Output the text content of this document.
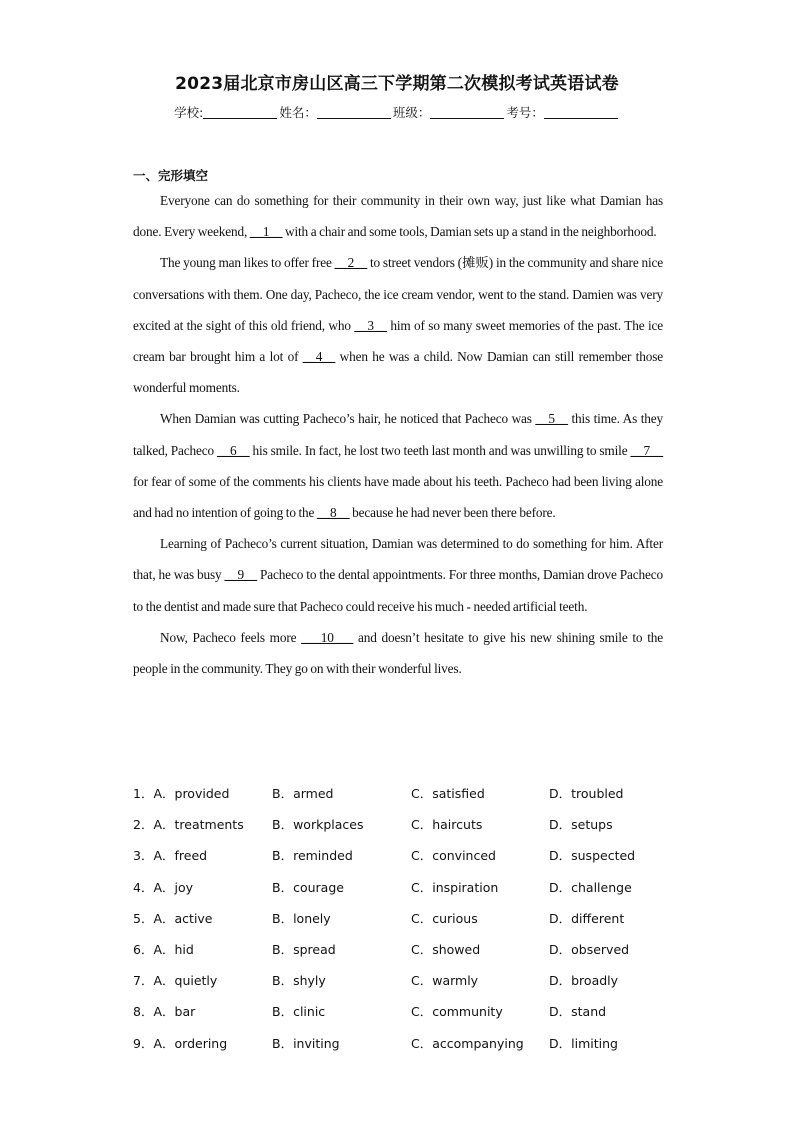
2023届北京市房山区高三下学期第二次模拟考试英语试卷
学校:	姓名：	班级：	考号：
一、完形填空

Everyone can do something for their community in their own way, just like what Damian has done. Every weekend, __1__ with a chair and some tools, Damian sets up a stand in the neighborhood.

The young man likes to offer free __2__ to street vendors (摊贩) in the community and share nice conversations with them. One day, Pacheco, the ice cream vendor, went to the stand. Damien was very excited at the sight of this old friend, who __3__ him of so many sweet memories of the past. The ice cream bar brought him a lot of __4__ when he was a child. Now Damian can still remember those wonderful moments.

When Damian was cutting Pacheco’s hair, he noticed that Pacheco was __5__ this time. As they talked, Pacheco __6__ his smile. In fact, he lost two teeth last month and was unwilling to smile __7__ for fear of some of the comments his clients have made about his teeth. Pacheco had been living alone and had no intention of going to the __8__ because he had never been there before.

Learning of Pacheco’s current situation, Damian was determined to do something for him. After that, he was busy __9__ Pacheco to the dental appointments. For three months, Damian drove Pacheco to the dentist and made sure that Pacheco could receive his much - needed artificial teeth.

Now, Pacheco feels more ___10___ and doesn’t hesitate to give his new shining smile to the people in the community. They go on with their wonderful lives.

1．A．provided	B．armed	C．satisfied	D．troubled
2．A．treatments B．workplaces	C．haircuts	D．setups
3．A．freed	B．reminded	C．convinced	D．suspected
4．A．joy	B．courage	C．inspiration	D．challenge
5．A．active	B．lonely	C．curious	D．different
6．A．hid	B．spread	C．showed	D．observed
7．A．quietly	B．shyly	C．warmly	D．broadly
8．A．bar	B．clinic	C．community	D．stand
9．A．ordering	B．inviting	C．accompanying D．limiting
